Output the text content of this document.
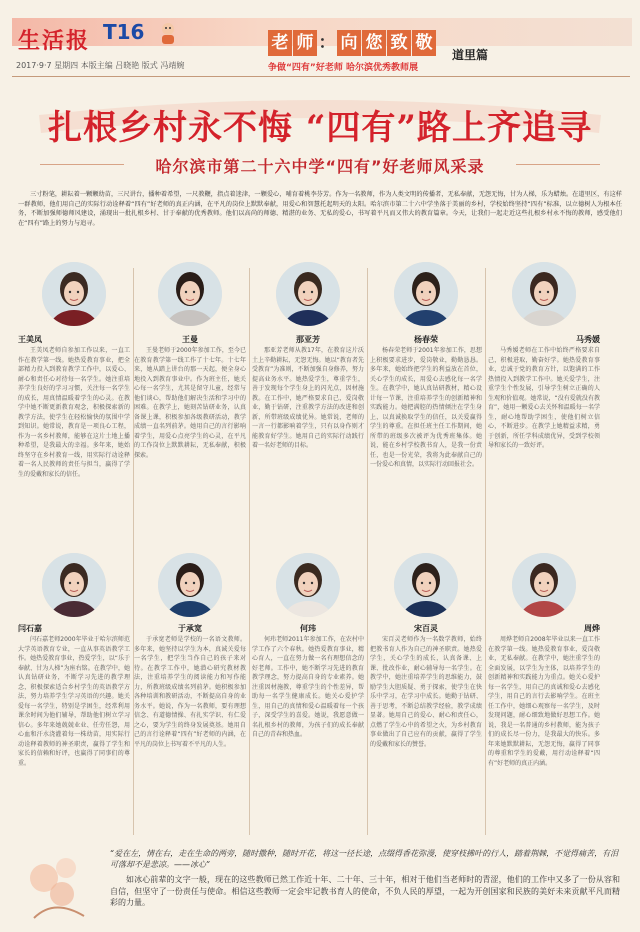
生活报 T16
2017·9·7 星期四 本版主编 吕晓艳 版式 冯靖婉
老 师 ： 向 您 致 敬
争做“四有”好老师 哈尔滨优秀教师展
道里篇
扎根乡村永不悔 “四有”路上齐追寻
哈尔滨市第二十六中学“四有”好老师风采录
三寸粉笔，耕耘着一颗颗幼苗，三尺讲台，播种着希望，一尺教鞭，指点着迷津，一颗爱心，哺育着桃李芬芳。作为一名教师，作为人类文明的传播者，无私奉献，无怨无悔，甘为人梯，乐为蜡烛。在道里区，有这样一群教师，他们用自己的实际行动诠释着“四有”好老师的真正内涵，在平凡的岗位上默默奉献，用爱心和智慧托起明天的太阳。哈尔滨市第二十六中学坐落于美丽的乡村，学校始终坚持“四有”标准，以立德树人为根本任务，不断加强师德师风建设，涌现出一批扎根乡村、甘于奉献的优秀教师。他们以高尚的师德、精湛的业务、无私的爱心，书写着平凡而又伟大的教育篇章。今天，让我们一起走近这些扎根乡村永不悔的教师，感受他们在“四有”路上的努力与追寻。
王美凤
王美凤老师自参加工作以来，一直工作在教学第一线。她热爱教育事业，把全部精力投入到教育教学工作中，以爱心、耐心和责任心对待每一名学生。她注重培养学生良好的学习习惯，关注每一名学生的成长，用真情温暖着学生的心灵。在教学中她不断更新教育观念，积极探索新的教学方法，使学生在轻松愉快的氛围中学到知识。她常说，教育是一项良心工程，作为一名乡村教师，能够在这片土地上播种希望，是我最大的幸福。多年来，她始终坚守在乡村教育一线，用实际行动诠释着一名人民教师的责任与担当，赢得了学生的爱戴和家长的信任。
王曼
王曼老师于2000年参加工作，至今已在教育教学第一线工作了十七年。十七年来，她从踏上讲台的那一天起，便全身心地投入到教育事业中。作为班主任，她关心每一名学生，尤其是留守儿童，经常与他们谈心，帮助他们解决生活和学习中的困难。在教学上，她刻苦钻研业务，认真备课上课，积极参加各级教研活动，教学成绩一直名列前茅。她用自己的言行影响着学生，用爱心点亮学生的心灵，在平凡的工作岗位上默默耕耘，无私奉献，积极探索。
那亚芳
那亚芳老师从教17年，在教育这片沃土上辛勤耕耘，无怨无悔。她以“教育者先受教育”为准则，不断加强自身修养，努力提高业务水平。她热爱学生，尊重学生，善于发现每个学生身上的闪光点，因材施教。在工作中，她严格要求自己，爱岗敬业，勤于钻研，注重教学方法的改进和创新，所带班级成绩优异。她常说，老师的一言一行都影响着学生，只有以身作则才能教育好学生。她用自己的实际行动践行着一名好老师的目标。
杨春荣
杨春荣老师于2001年参加工作，思想上积极要求进步，爱岗敬业，勤勤恳恳。多年来，她始终把学生的利益放在首位，关心学生的成长，用爱心去感化每一名学生。在教学中，她认真钻研教材，精心设计每一节课，注重培养学生的创新精神和实践能力。她把满腔的热情倾注在学生身上，以真诚换取学生的信任，以关爱赢得学生的尊重。在担任班主任工作期间，她所带的班级多次被评为优秀班集体。她说，能在乡村学校教书育人，是我一份责任，也是一份光荣，我将为此奉献自己的一份爱心和真情，以实际行动回报社会。
马秀媛
马秀媛老师在工作中始终严格要求自己，积极进取，勤奋好学。她热爱教育事业，忠诚于党的教育方针，以饱满的工作热情投入到教学工作中。她关爱学生，注重学生个性发展，引导学生树立正确的人生观和价值观。她常说，“没有爱就没有教育”，她用一颗爱心去关怀和温暖每一名学生，耐心地帮助学困生，使他们树立信心，不断进步。在教学上她精益求精，勇于创新，所任学科成绩优异，受到学校领导和家长的一致好评。
闫石嘉
闫石嘉老师2000年毕业于哈尔滨师范大学英语教育专业，一直从事英语教学工作。她热爱教育事业，热爱学生，以“乐于奉献、甘为人梯”为座右铭。在教学中，她认真钻研业务，不断学习先进的教学理念，积极探索适合乡村学生的英语教学方法，努力培养学生学习英语的兴趣。她关爱每一名学生，特别是学困生，经常利用课余时间为他们辅导，帮助他们树立学习信心。多年来她兢兢业业、任劳任怨，用心血和汗水浇灌着每一株幼苗，用实际行动诠释着教师的神圣职责，赢得了学生和家长的信赖和好评，也赢得了同事们的尊重。
于承宽
于承宽老师是学校的一名语文教师。多年来，她坚持以学生为本，真诚关爱每一名学生，把学生当作自己的孩子来对待。在教学工作中，她潜心研究教材教法，注重培养学生的阅读能力和写作能力，所教班级成绩名列前茅。她积极参加各种培训和教研活动，不断提高自身的业务水平。她说，作为一名教师，要有理想信念、有道德情操、有扎实学识、有仁爱之心，要为学生的终身发展奠基。她用自己的言行诠释着“四有”好老师的内涵，在平凡的岗位上书写着不平凡的人生。
何玮
何玮老师2011年参加工作，在农村中学工作了六个春秋。她热爱教育事业，精心育人，一直在努力做一名有理想信念的好老师。工作中，她不断学习先进的教育教学理念，努力提高自身的专业素养。她注重因材施教，尊重学生的个性差异，帮助每一名学生健康成长。她关心爱护学生，用自己的真情和爱心温暖着每一个孩子，深受学生的喜爱。她说，我愿意做一名扎根乡村的教师，为孩子们的成长奉献自己的青春和热血。
宋百灵
宋百灵老师作为一名数学教师，始终把教书育人作为自己的神圣职责。她热爱学生，关心学生的成长，认真备课、上课、批改作业，耐心辅导每一名学生。在教学中，她注重培养学生的思维能力，鼓励学生大胆质疑、勇于探索，使学生在快乐中学习，在学习中成长。她勤于钻研、善于思考，不断总结教学经验，教学成绩显著。她用自己的爱心、耐心和责任心，点燃了学生心中的希望之火，为乡村教育事业做出了自己应有的贡献，赢得了学生的爱戴和家长的赞誉。
周烨
周烨老师自2008年毕业以来一直工作在教学第一线。她热爱教育事业，爱岗敬业，无私奉献。在教学中，她注重学生的全面发展，以学生为主体，以培养学生的创新精神和实践能力为重点。她关心爱护每一名学生，用自己的真诚和爱心去感化学生，用自己的言行去影响学生。在班主任工作中，她细心观察每一名学生，及时发现问题，耐心细致地做好思想工作。她说，我是一名普通的乡村教师，能为孩子们的成长尽一份力，是我最大的快乐。多年来她默默耕耘，无怨无悔，赢得了同事的尊重和学生的爱戴，用行动诠释着“四有”好老师的真正内涵。
“爱在左，情在右，走在生命的两旁，随时撒种，随时开花，将这一径长途，点缀得香花弥漫，使穿枝拂叶的行人，踏着荆棘，不觉得痛苦，有泪可落却不是悲凉。——冰心”
如冰心前辈的文字一般，现在的这些教师已然工作近十年、二十年、三十年，相对于他们当老师时的青涩，他们的工作中又多了一份从容和自信，但坚守了一份责任与使命。相信这些教师一定会牢记教书育人的使命，不负人民的厚望，一起为开创国家和民族的美好未来贡献平凡而精彩的力量。
